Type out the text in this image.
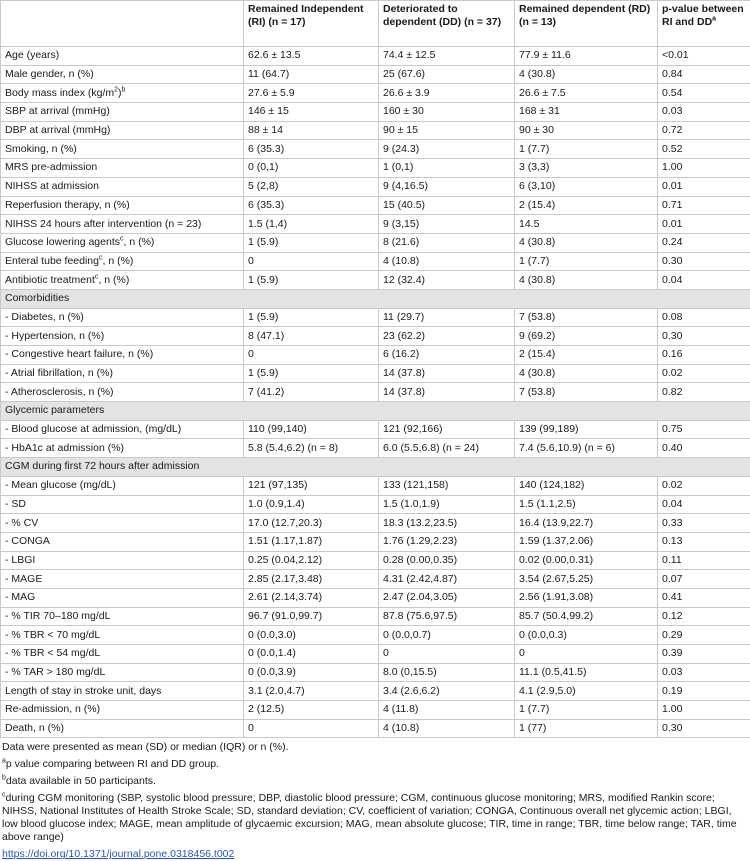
	Remained Independent (RI) (n = 17)	Deteriorated to dependent (DD) (n = 37)	Remained dependent (RD) (n = 13)	p-value between RI and $DD^a$
Age (years)	62.6 ± 13.5	74.4 ± 12.5	77.9 ± 11.6	<0.01
Male gender, n (%)	11 (64.7)	25 (67.6)	4 (30.8)	0.84
Body mass index $(kg/m^2)^b$	27.6 ± 5.9	26.6 ± 3.9	26.6 ± 7.5	0.54
SBP at arrival (mmHg)	146 ± 15	160 ± 30	168 ± 31	0.03
DBP at arrival (mmHg)	88 ± 14	90 ± 15	90 ± 30	0.72
Smoking, n (%)	6 (35.3)	9 (24.3)	1 (7.7)	0.52
MRS pre-admission	0 (0,1)	1 (0,1)	3 (3,3)	1.00
NIHSS at admission	5 (2,8)	9 (4,16.5)	6 (3,10)	0.01
Reperfusion therapy, n (%)	6 (35.3)	15 (40.5)	2 (15.4)	0.71
NIHSS 24 hours after intervention (n = 23)	1.5 (1,4)	9 (3,15)	14.5	0.01
Glucose lowering agents$^c$, n (%)	1 (5.9)	8 (21.6)	4 (30.8)	0.24
Enteral tube feeding$^c$, n (%)	0	4 (10.8)	1 (7.7)	0.30
Antibiotic treatment$^c$, n (%)	1 (5.9)	12 (32.4)	4 (30.8)	0.04
Comorbidities				
- Diabetes, n (%)	1 (5.9)	11 (29.7)	7 (53.8)	0.08
- Hypertension, n (%)	8 (47.1)	23 (62.2)	9 (69.2)	0.30
- Congestive heart failure, n (%)	0	6 (16.2)	2 (15.4)	0.16
- Atrial fibrillation, n (%)	1 (5.9)	14 (37.8)	4 (30.8)	0.02
- Atherosclerosis, n (%)	7 (41.2)	14 (37.8)	7 (53.8)	0.82
Glycemic parameters				
- Blood glucose at admission, (mg/dL)	110 (99,140)	121 (92,166)	139 (99,189)	0.75
- HbA1c at admission (%)	5.8 (5.4,6.2) (n = 8)	6.0 (5.5,6.8) (n = 24)	7.4 (5.6,10.9) (n = 6)	0.40
CGM during first 72 hours after admission				
- Mean glucose (mg/dL)	121 (97,135)	133 (121,158)	140 (124,182)	0.02
- SD	1.0 (0.9,1.4)	1.5 (1.0,1.9)	1.5 (1.1,2.5)	0.04
- % CV	17.0 (12.7,20.3)	18.3 (13.2,23.5)	16.4 (13.9,22.7)	0.33
- CONGA	1.51 (1.17,1.87)	1.76 (1.29,2.23)	1.59 (1.37,2.06)	0.13
- LBGI	0.25 (0.04,2.12)	0.28 (0.00,0.35)	0.02 (0.00,0.31)	0.11
- MAGE	2.85 (2.17,3.48)	4.31 (2.42,4.87)	3.54 (2.67,5.25)	0.07
- MAG	2.61 (2.14,3.74)	2.47 (2.04,3.05)	2.56 (1.91,3.08)	0.41
- % TIR 70–180 mg/dL	96.7 (91.0,99.7)	87.8 (75.6,97.5)	85.7 (50.4,99.2)	0.12
- % TBR < 70 mg/dL	0 (0.0,3.0)	0 (0.0,0.7)	0 (0.0,0.3)	0.29
- % TBR < 54 mg/dL	0 (0.0,1.4)	0	0	0.39
- % TAR > 180 mg/dL	0 (0.0,3.9)	8.0 (0,15.5)	11.1 (0.5,41.5)	0.03
Length of stay in stroke unit, days	3.1 (2.0,4.7)	3.4 (2.6,6.2)	4.1 (2.9,5.0)	0.19
Re-admission, n (%)	2 (12.5)	4 (11.8)	1 (7.7)	1.00
Death, n (%)	0	4 (10.8)	1 (77)	0.30

Data were presented as mean (SD) or median (IQR) or n (%).

$^a$p value comparing between RI and DD group.

$^b$data available in 50 participants.

$^c$during CGM monitoring (SBP, systolic blood pressure; DBP, diastolic blood pressure; CGM, continuous glucose monitoring; MRS, modified Rankin score; NIHSS, National Institutes of Health Stroke Scale; SD, standard deviation; CV, coefficient of variation; CONGA, Continuous overall net glycemic action; LBGI, low blood glucose index; MAGE, mean amplitude of glycaemic excursion; MAG, mean absolute glucose; TIR, time in range; TBR, time below range; TAR, time above range)

https://doi.org/10.1371/journal.pone.0318456.t002
